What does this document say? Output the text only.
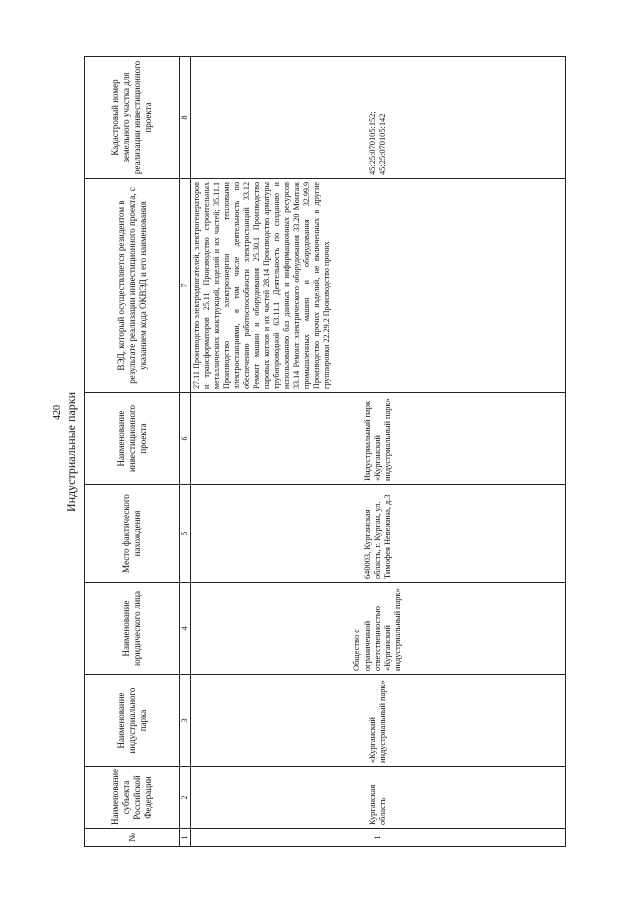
420 Индустриальные парки
№	Наименование субъекта Российской Федерации	Наименование индустриального парка	Наименование юридического лица	Место фактического нахождения	Наименование инвестиционного проекта	ВЭД, который осуществляется резидентом в результате реализации инвестиционного проекта, с указанием кода ОКВЭД и его наименования	Кадастровый номер земельного участка для реализации инвестиционного проекта
1	2	3	4	5	6	7	8
1	Курганская область	«Курганский индустриальный парк»	Общество с ограниченной ответственностью «Курганский индустриальный парк»	640003, Курганская область, г. Курган, ул. Тимофея Невежина, д.3	Индустриальный парк «Курганский индустриальный парк»	27.11 Производство электродвигателей, электрогенераторов и трансформаторов 25.11 Производство строительных металлических конструкций, изделий и их частей; 35.11.1 Производство электроэнергии тепловыми электростанциями, в том числе деятельность по обеспечению работоспособности электростанций 33.12 Ремонт машин и оборудования 25.30.1 Производство паровых котлов и их частей 28.14 Производство арматуры трубопроводной 63.11.1 Деятельность по созданию и использованию баз данных и информационных ресурсов 33.14 Ремонт электрического оборудования 33.20 Монтаж промышленных машин и оборудования 32.99.9 Производство прочих изделий, не включенных в другие группировки 22.29.2 Производство прочих	45:25:070105:152; 45:25:070105:142
